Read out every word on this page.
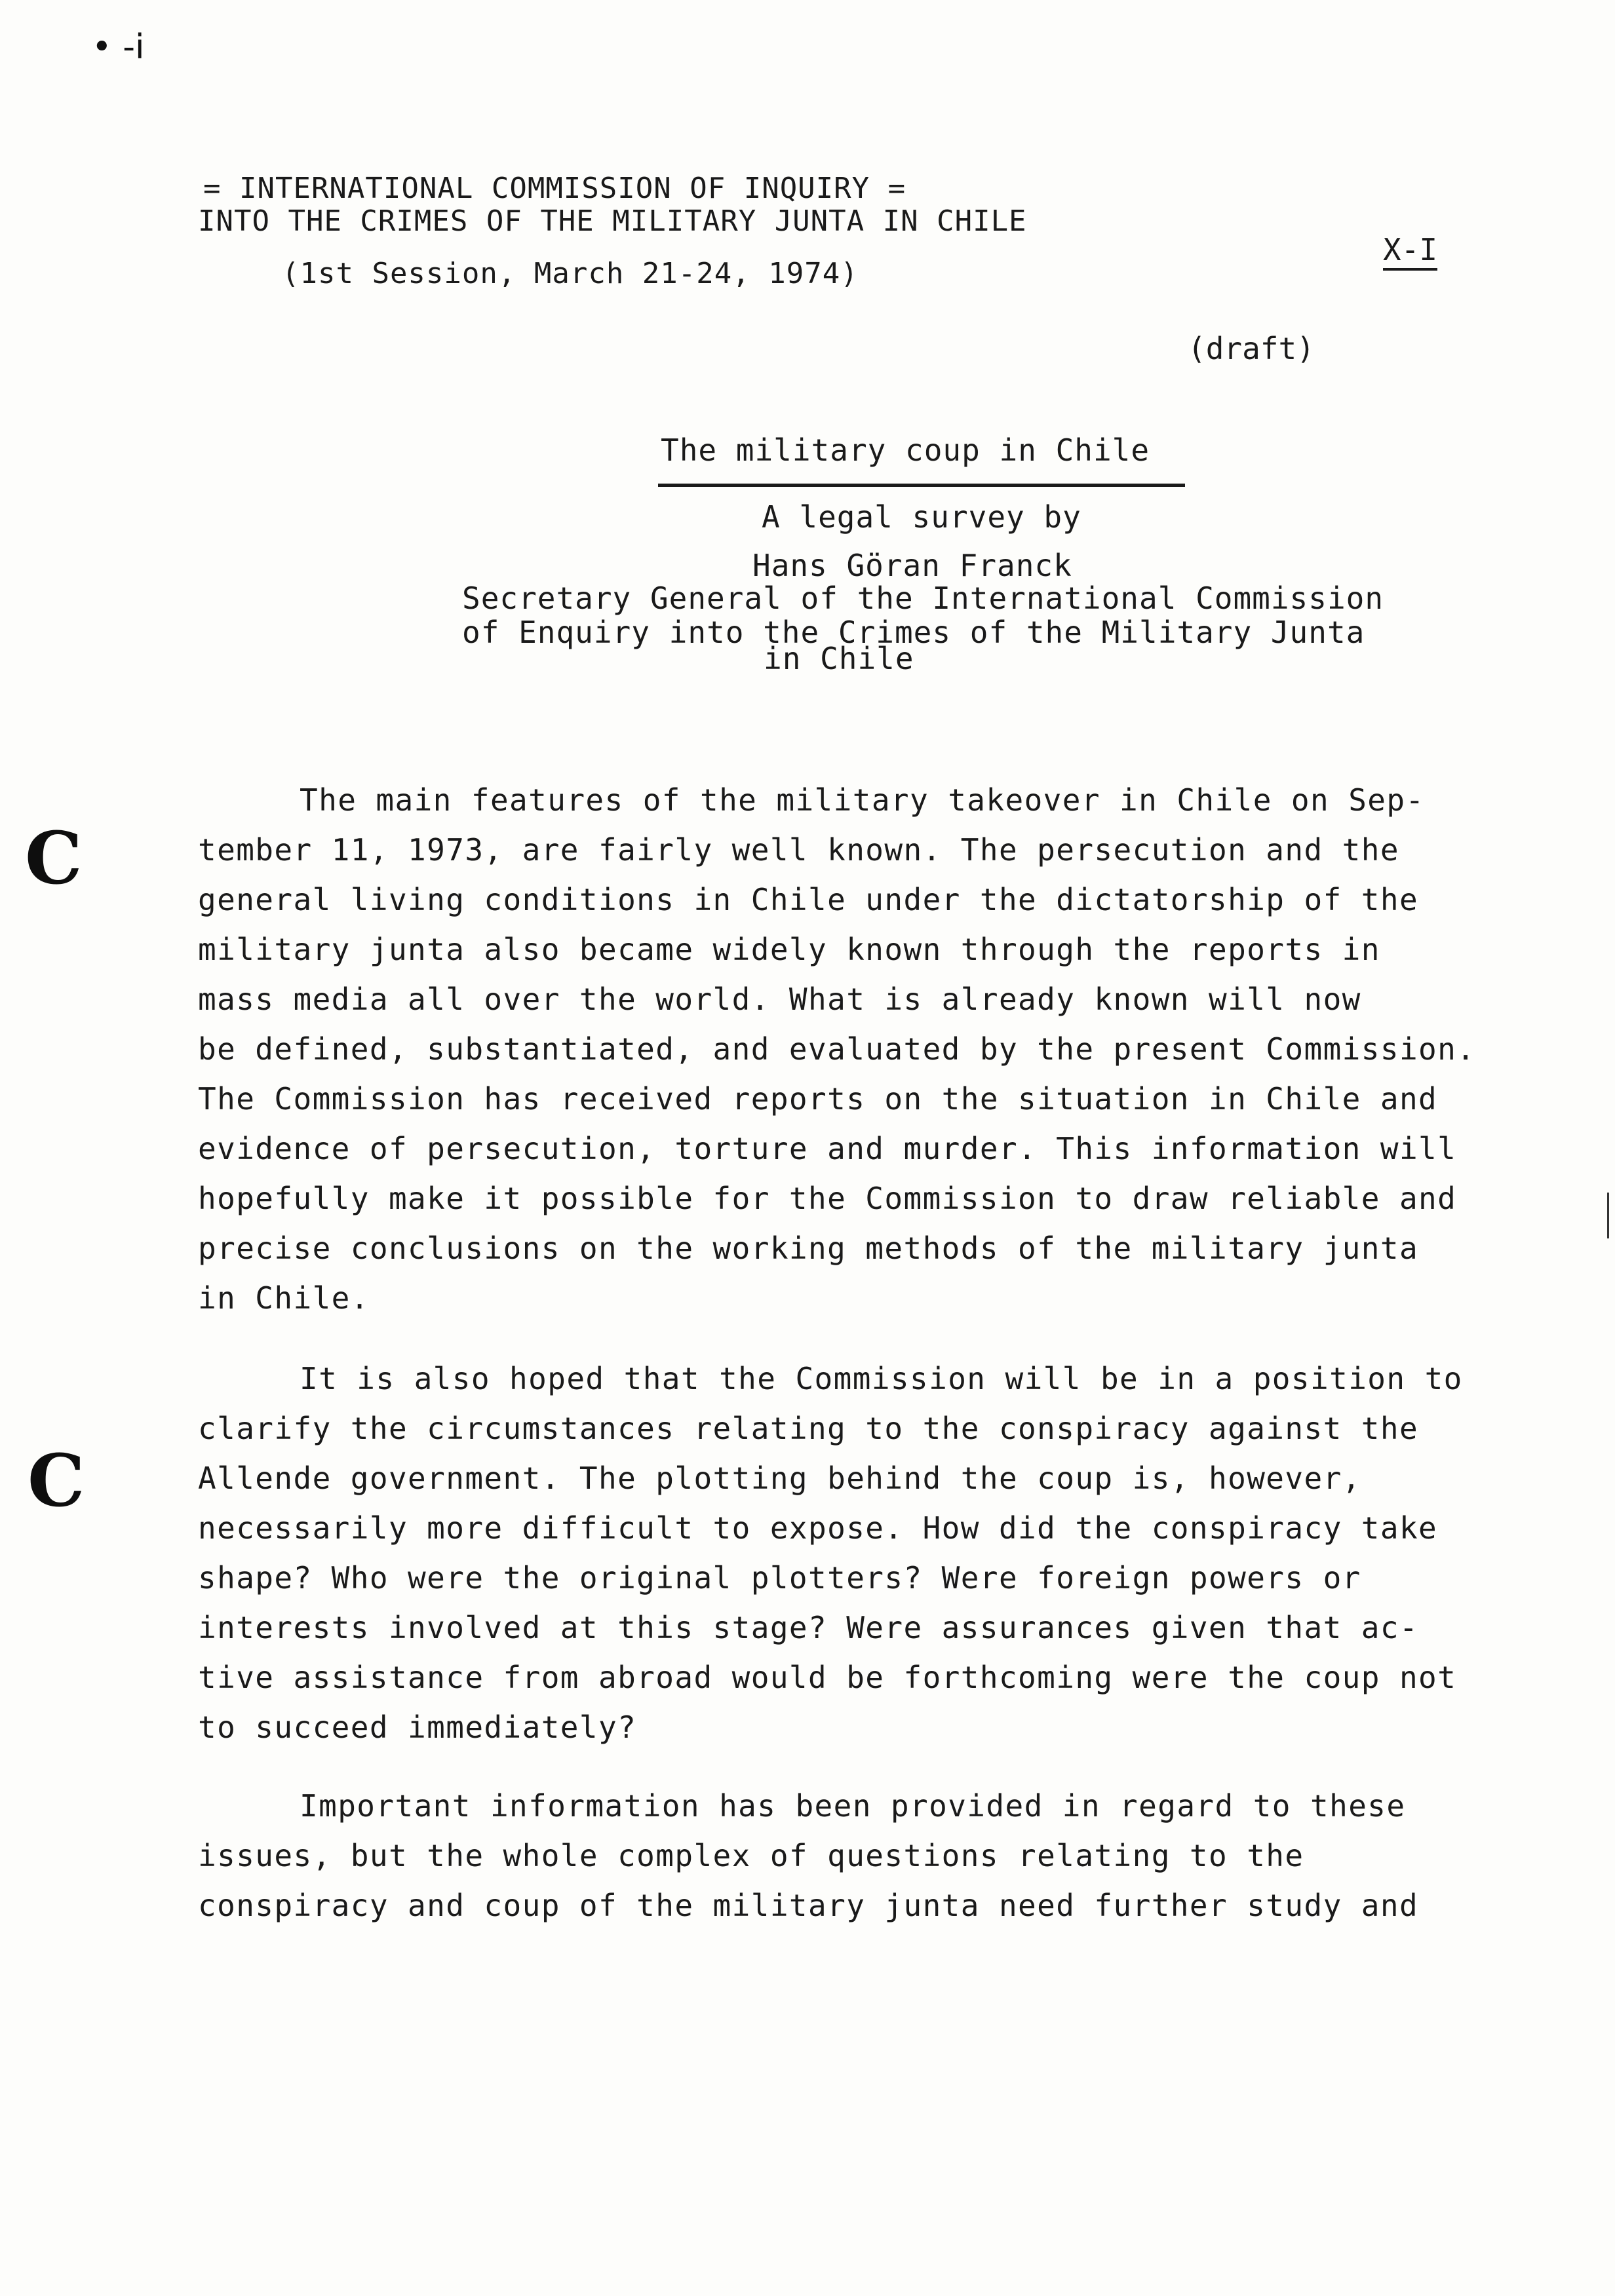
• -i
= INTERNATIONAL COMMISSION OF INQUIRY =
INTO THE CRIMES OF THE MILITARY JUNTA IN CHILE
(1st Session, March 21-24, 1974)
X-I
(draft)
The military coup in Chile
A legal survey by
Hans Göran Franck
Secretary General of the International Commission
of Enquiry into the Crimes of the Military Junta
in Chile
The main features of the military takeover in Chile on Sep-
tember 11, 1973, are fairly well known. The persecution and the
general living conditions in Chile under the dictatorship of the
military junta also became widely known through the reports in
mass media all over the world. What is already known will now
be defined, substantiated, and evaluated by the present Commission.
The Commission has received reports on the situation in Chile and
evidence of persecution, torture and murder. This information will
hopefully make it possible for the Commission to draw reliable and
precise conclusions on the working methods of the military junta
in Chile.
It is also hoped that the Commission will be in a position to
clarify the circumstances relating to the conspiracy against the
Allende government. The plotting behind the coup is, however,
necessarily more difficult to expose. How did the conspiracy take
shape? Who were the original plotters? Were foreign powers or
interests involved at this stage? Were assurances given that ac-
tive assistance from abroad would be forthcoming were the coup not
to succeed immediately?
Important information has been provided in regard to these
issues, but the whole complex of questions relating to the
conspiracy and coup of the military junta need further study and
C
C
